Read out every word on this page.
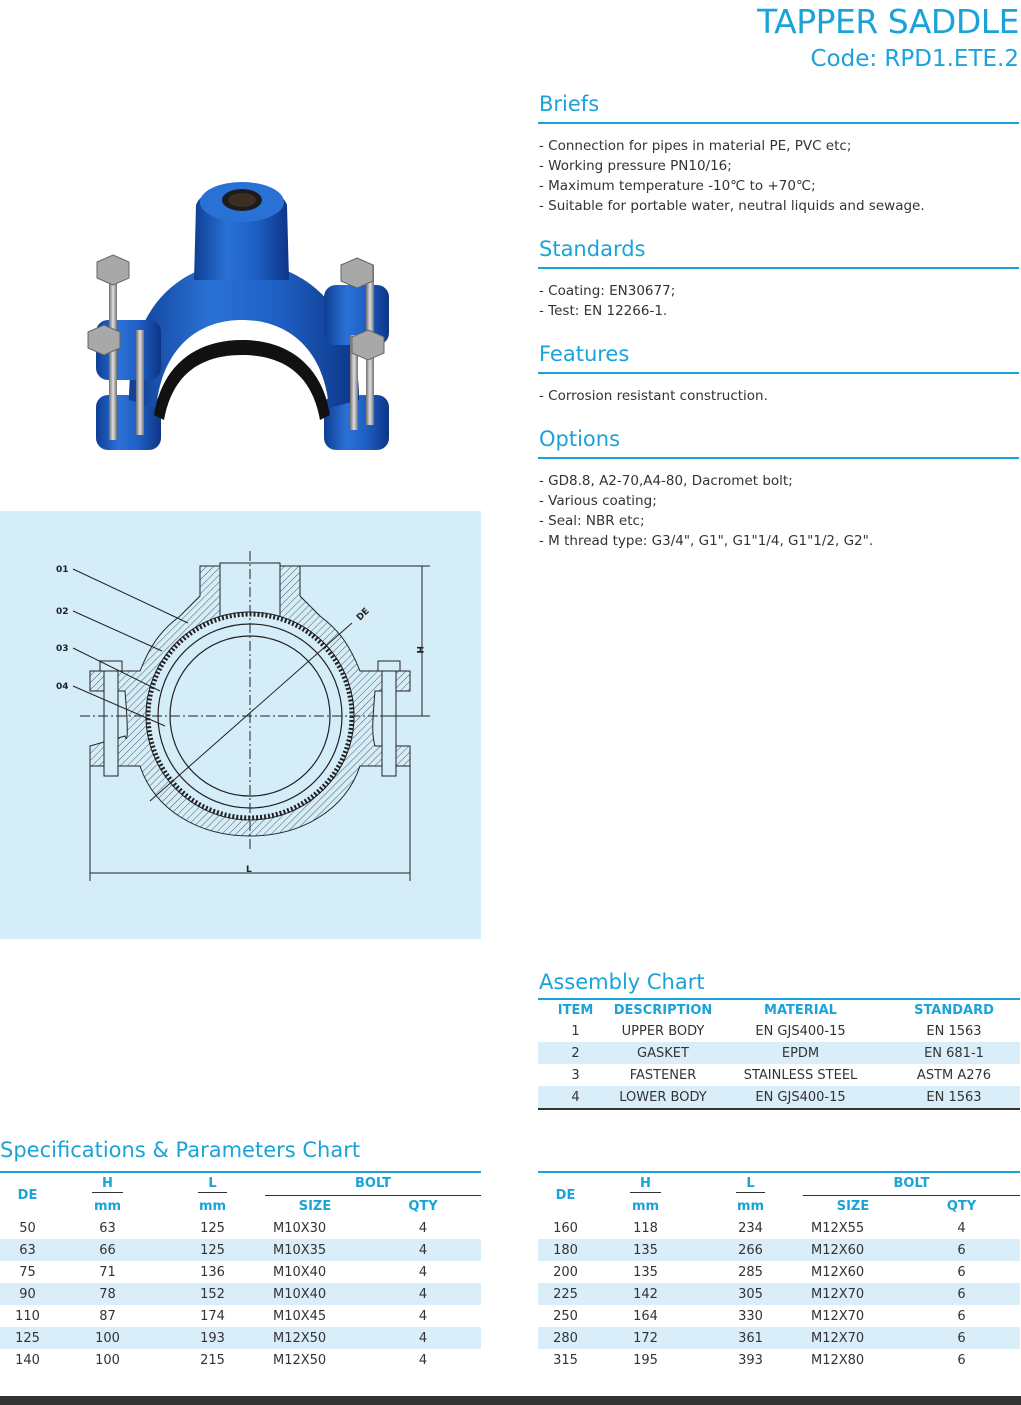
TAPPER SADDLE
Code: RPD1.ETE.2
Briefs
- Connection for pipes in material PE, PVC etc;
- Working pressure PN10/16;
- Maximum temperature -10℃ to +70℃;
- Suitable for portable water, neutral liquids and sewage.
Standards
- Coating: EN30677;
- Test: EN 12266-1.
Features
- Corrosion resistant construction.
Options
- GD8.8, A2-70,A4-80, Dacromet bolt;
- Various coating;
- Seal: NBR etc;
- M thread type: G3/4", G1", G1"1/4, G1"1/2, G2".
01
02
03
04
DE
H
L
Assembly Chart
ITEM	DESCRIPTION	MATERIAL	STANDARD
1	UPPER BODY	EN GJS400-15	EN 1563
2	GASKET	EPDM	EN 681-1
3	FASTENER	STAINLESS STEEL	ASTM A276
4	LOWER BODY	EN GJS400-15	EN 1563
Specifications & Parameters Chart
DE	H	L	BOLT	
	mm	mm	SIZE	QTY
50	63	125	M10X30	4
63	66	125	M10X35	4
75	71	136	M10X40	4
90	78	152	M10X40	4
110	87	174	M10X45	4
125	100	193	M12X50	4
140	100	215	M12X50	4
DE	H	L	BOLT	
	mm	mm	SIZE	QTY
160	118	234	M12X55	4
180	135	266	M12X60	6
200	135	285	M12X60	6
225	142	305	M12X70	6
250	164	330	M12X70	6
280	172	361	M12X70	6
315	195	393	M12X80	6
